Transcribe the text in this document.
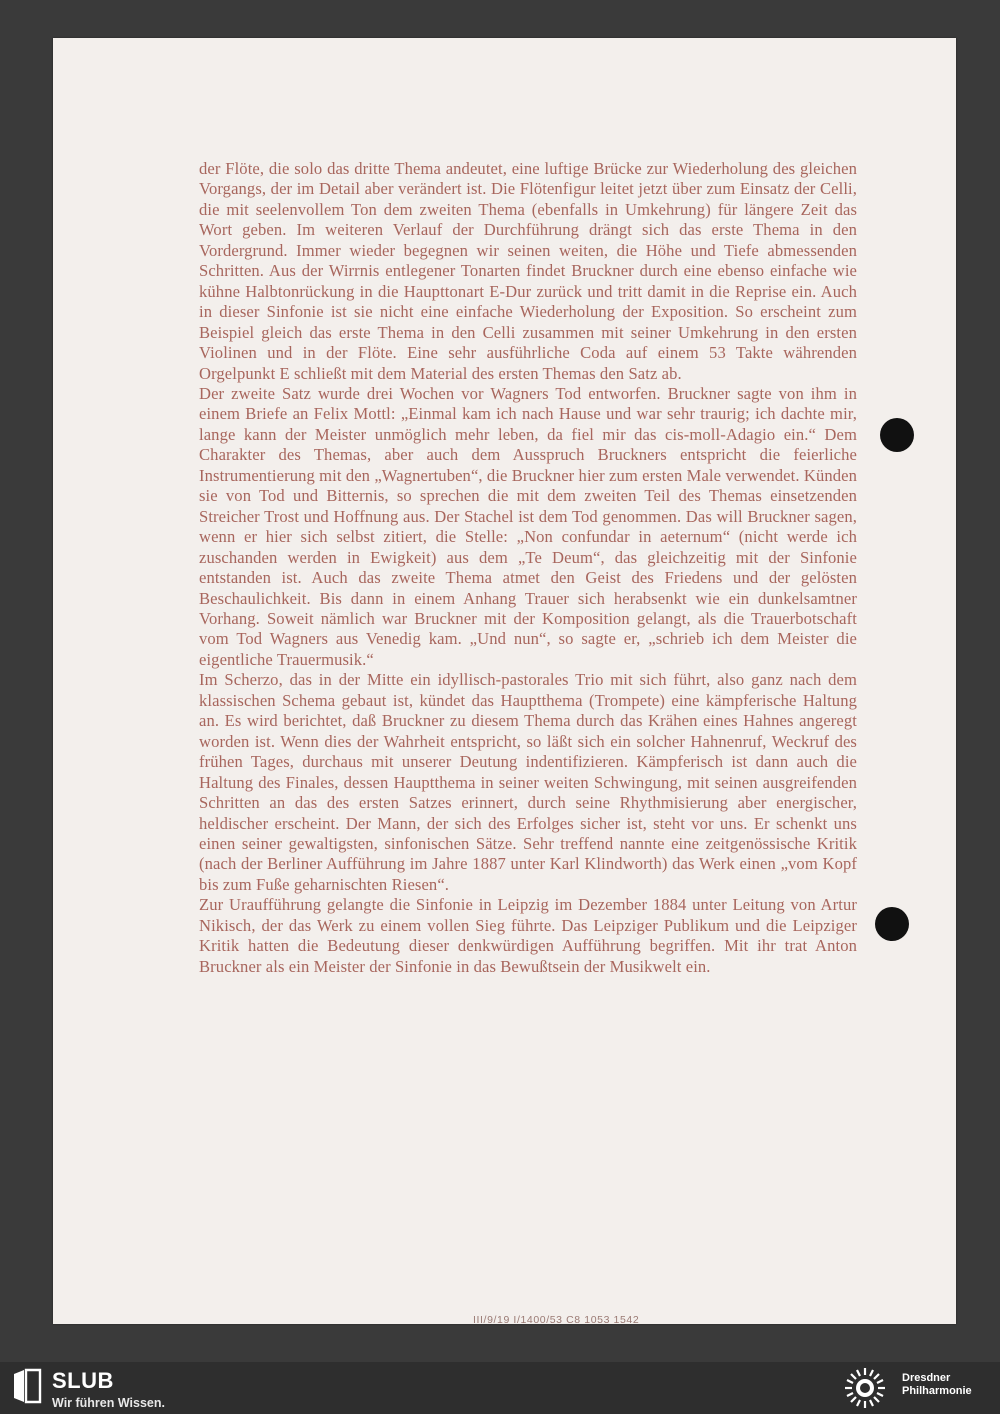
der Flöte, die solo das dritte Thema andeutet, eine luftige Brücke zur Wiederholung des gleichen Vorgangs, der im Detail aber verändert ist. Die Flötenfigur leitet jetzt über zum Einsatz der Celli, die mit seelenvollem Ton dem zweiten Thema (ebenfalls in Umkehrung) für längere Zeit das Wort geben. Im weiteren Verlauf der Durchführung drängt sich das erste Thema in den Vordergrund. Immer wieder begegnen wir seinen weiten, die Höhe und Tiefe abmessenden Schritten. Aus der Wirrnis entlegener Tonarten findet Bruckner durch eine ebenso einfache wie kühne Halbtonrückung in die Haupttonart E-Dur zurück und tritt damit in die Reprise ein. Auch in dieser Sinfonie ist sie nicht eine einfache Wiederholung der Exposition. So erscheint zum Beispiel gleich das erste Thema in den Celli zusammen mit seiner Umkehrung in den ersten Violinen und in der Flöte. Eine sehr ausführliche Coda auf einem 53 Takte währenden Orgelpunkt E schließt mit dem Material des ersten Themas den Satz ab.

Der zweite Satz wurde drei Wochen vor Wagners Tod entworfen. Bruckner sagte von ihm in einem Briefe an Felix Mottl: „Einmal kam ich nach Hause und war sehr traurig; ich dachte mir, lange kann der Meister unmöglich mehr leben, da fiel mir das cis-moll-Adagio ein.“ Dem Charakter des Themas, aber auch dem Ausspruch Bruckners entspricht die feierliche Instrumentierung mit den „Wagnertuben“, die Bruckner hier zum ersten Male verwendet. Künden sie von Tod und Bitternis, so sprechen die mit dem zweiten Teil des Themas einsetzenden Streicher Trost und Hoffnung aus. Der Stachel ist dem Tod genommen. Das will Bruckner sagen, wenn er hier sich selbst zitiert, die Stelle: „Non confundar in aeternum“ (nicht werde ich zuschanden werden in Ewigkeit) aus dem „Te Deum“, das gleichzeitig mit der Sinfonie entstanden ist. Auch das zweite Thema atmet den Geist des Friedens und der gelösten Beschaulichkeit. Bis dann in einem Anhang Trauer sich herabsenkt wie ein dunkelsamtner Vorhang. Soweit nämlich war Bruckner mit der Komposition gelangt, als die Trauerbotschaft vom Tod Wagners aus Venedig kam. „Und nun“, so sagte er, „schrieb ich dem Meister die eigentliche Trauermusik.“

Im Scherzo, das in der Mitte ein idyllisch-pastorales Trio mit sich führt, also ganz nach dem klassischen Schema gebaut ist, kündet das Hauptthema (Trompete) eine kämpferische Haltung an. Es wird berichtet, daß Bruckner zu diesem Thema durch das Krähen eines Hahnes angeregt worden ist. Wenn dies der Wahrheit entspricht, so läßt sich ein solcher Hahnenruf, Weckruf des frühen Tages, durchaus mit unserer Deutung indentifizieren. Kämpferisch ist dann auch die Haltung des Finales, dessen Hauptthema in seiner weiten Schwingung, mit seinen ausgreifenden Schritten an das des ersten Satzes erinnert, durch seine Rhythmisierung aber energischer, heldischer erscheint. Der Mann, der sich des Erfolges sicher ist, steht vor uns. Er schenkt uns einen seiner gewaltigsten, sinfonischen Sätze. Sehr treffend nannte eine zeitgenössische Kritik (nach der Berliner Aufführung im Jahre 1887 unter Karl Klindworth) das Werk einen „vom Kopf bis zum Fuße geharnischten Riesen“.

Zur Uraufführung gelangte die Sinfonie in Leipzig im Dezember 1884 unter Leitung von Artur Nikisch, der das Werk zu einem vollen Sieg führte. Das Leipziger Publikum und die Leipziger Kritik hatten die Bedeutung dieser denkwürdigen Aufführung begriffen. Mit ihr trat Anton Bruckner als ein Meister der Sinfonie in das Bewußtsein der Musikwelt ein.

III/9/19 I/1400/53 C8 1053 1542
SLUB
Wir führen Wissen.
Dresdner
Philharmonie
